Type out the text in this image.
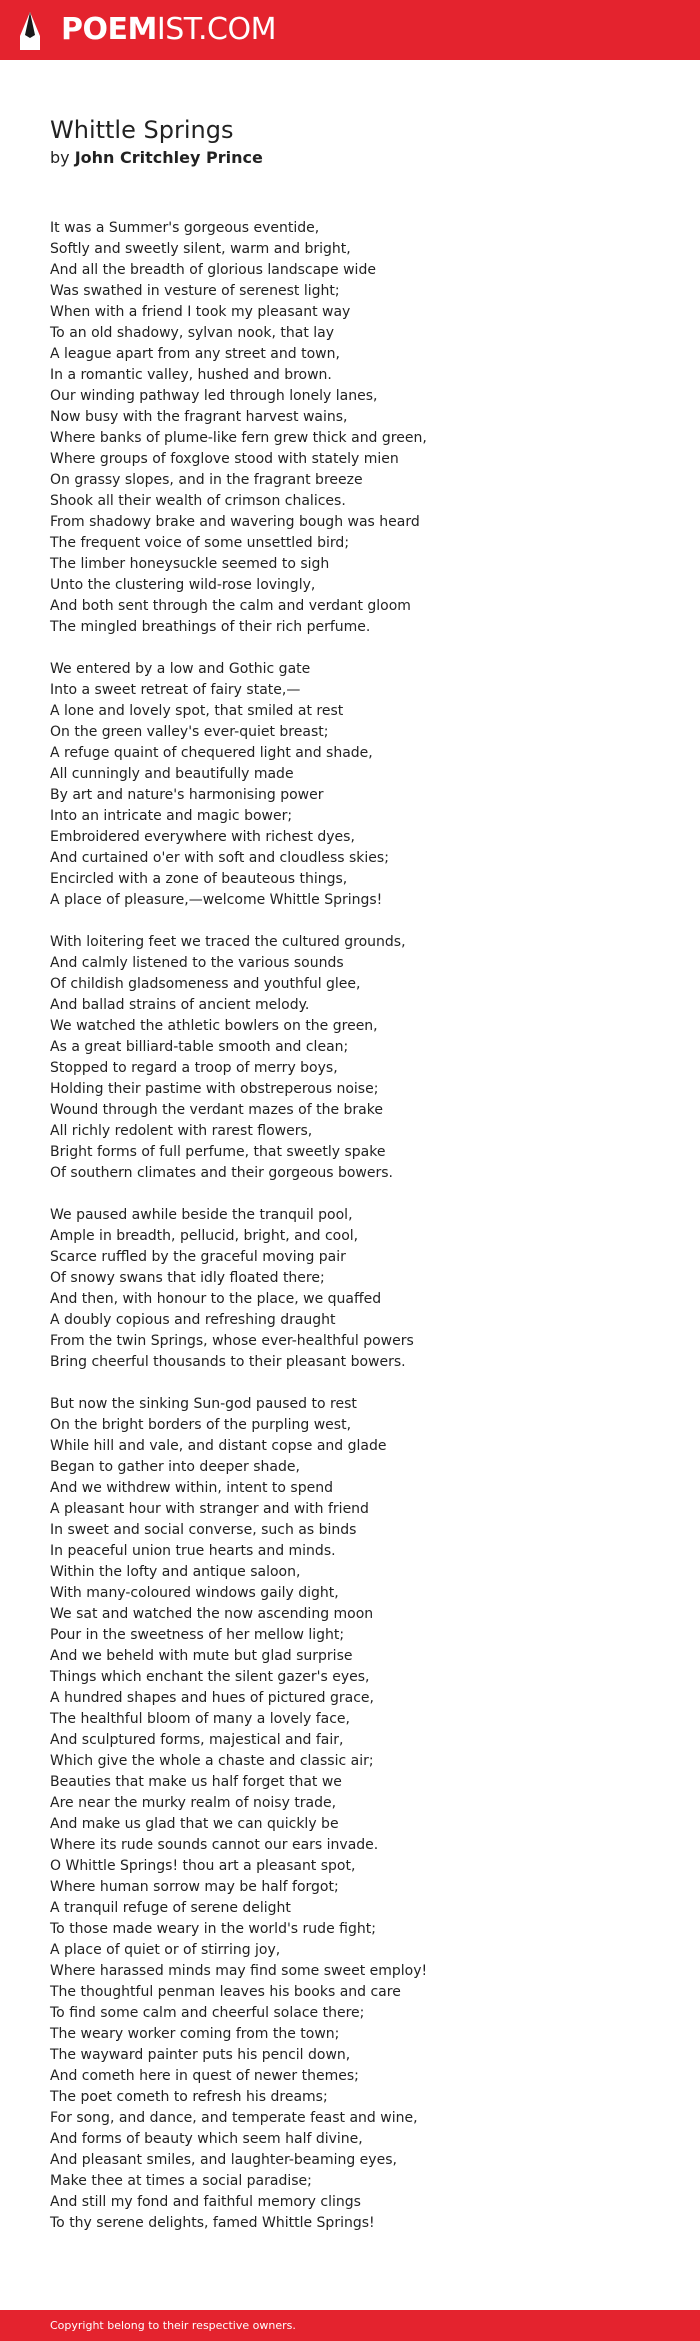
POEMIST.COM
Whittle Springs
by John Critchley Prince
It was a Summer's gorgeous eventide,
Softly and sweetly silent, warm and bright,
And all the breadth of glorious landscape wide
Was swathed in vesture of serenest light;
When with a friend I took my pleasant way
To an old shadowy, sylvan nook, that lay
A league apart from any street and town,
In a romantic valley, hushed and brown.
Our winding pathway led through lonely lanes,
Now busy with the fragrant harvest wains,
Where banks of plume-like fern grew thick and green,
Where groups of foxglove stood with stately mien
On grassy slopes, and in the fragrant breeze
Shook all their wealth of crimson chalices.
From shadowy brake and wavering bough was heard
The frequent voice of some unsettled bird;
The limber honeysuckle seemed to sigh
Unto the clustering wild-rose lovingly,
And both sent through the calm and verdant gloom
The mingled breathings of their rich perfume.
We entered by a low and Gothic gate
Into a sweet retreat of fairy state,—
A lone and lovely spot, that smiled at rest
On the green valley's ever-quiet breast;
A refuge quaint of chequered light and shade,
All cunningly and beautifully made
By art and nature's harmonising power
Into an intricate and magic bower;
Embroidered everywhere with richest dyes,
And curtained o'er with soft and cloudless skies;
Encircled with a zone of beauteous things,
A place of pleasure,—welcome Whittle Springs!
With loitering feet we traced the cultured grounds,
And calmly listened to the various sounds
Of childish gladsomeness and youthful glee,
And ballad strains of ancient melody.
We watched the athletic bowlers on the green,
As a great billiard-table smooth and clean;
Stopped to regard a troop of merry boys,
Holding their pastime with obstreperous noise;
Wound through the verdant mazes of the brake
All richly redolent with rarest flowers,
Bright forms of full perfume, that sweetly spake
Of southern climates and their gorgeous bowers.
We paused awhile beside the tranquil pool,
Ample in breadth, pellucid, bright, and cool,
Scarce ruffled by the graceful moving pair
Of snowy swans that idly floated there;
And then, with honour to the place, we quaffed
A doubly copious and refreshing draught
From the twin Springs, whose ever-healthful powers
Bring cheerful thousands to their pleasant bowers.
But now the sinking Sun-god paused to rest
On the bright borders of the purpling west,
While hill and vale, and distant copse and glade
Began to gather into deeper shade,
And we withdrew within, intent to spend
A pleasant hour with stranger and with friend
In sweet and social converse, such as binds
In peaceful union true hearts and minds.
Within the lofty and antique saloon,
With many-coloured windows gaily dight,
We sat and watched the now ascending moon
Pour in the sweetness of her mellow light;
And we beheld with mute but glad surprise
Things which enchant the silent gazer's eyes,
A hundred shapes and hues of pictured grace,
The healthful bloom of many a lovely face,
And sculptured forms, majestical and fair,
Which give the whole a chaste and classic air;
Beauties that make us half forget that we
Are near the murky realm of noisy trade,
And make us glad that we can quickly be
Where its rude sounds cannot our ears invade.
O Whittle Springs! thou art a pleasant spot,
Where human sorrow may be half forgot;
A tranquil refuge of serene delight
To those made weary in the world's rude fight;
A place of quiet or of stirring joy,
Where harassed minds may find some sweet employ!
The thoughtful penman leaves his books and care
To find some calm and cheerful solace there;
The weary worker coming from the town;
The wayward painter puts his pencil down,
And cometh here in quest of newer themes;
The poet cometh to refresh his dreams;
For song, and dance, and temperate feast and wine,
And forms of beauty which seem half divine,
And pleasant smiles, and laughter-beaming eyes,
Make thee at times a social paradise;
And still my fond and faithful memory clings
To thy serene delights, famed Whittle Springs!
Copyright belong to their respective owners.
